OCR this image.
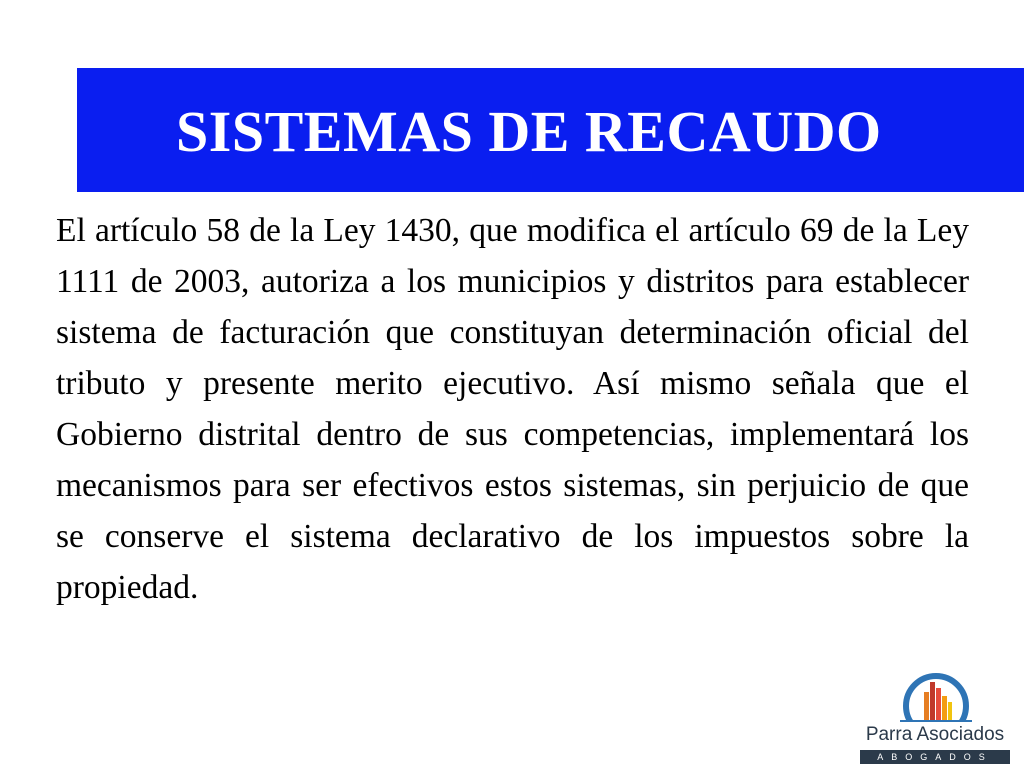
SISTEMAS DE RECAUDO

El artículo 58 de la Ley 1430, que modifica el artículo 69 de la Ley 1111 de 2003, autoriza a los municipios y distritos para establecer sistema de facturación que constituyan determinación oficial del tributo y presente merito ejecutivo. Así mismo señala que el Gobierno distrital dentro de sus competencias, implementará los mecanismos para ser efectivos estos sistemas, sin perjuicio de que se conserve el sistema declarativo de los impuestos sobre la propiedad.

Parra Asociados
ABOGADOS
